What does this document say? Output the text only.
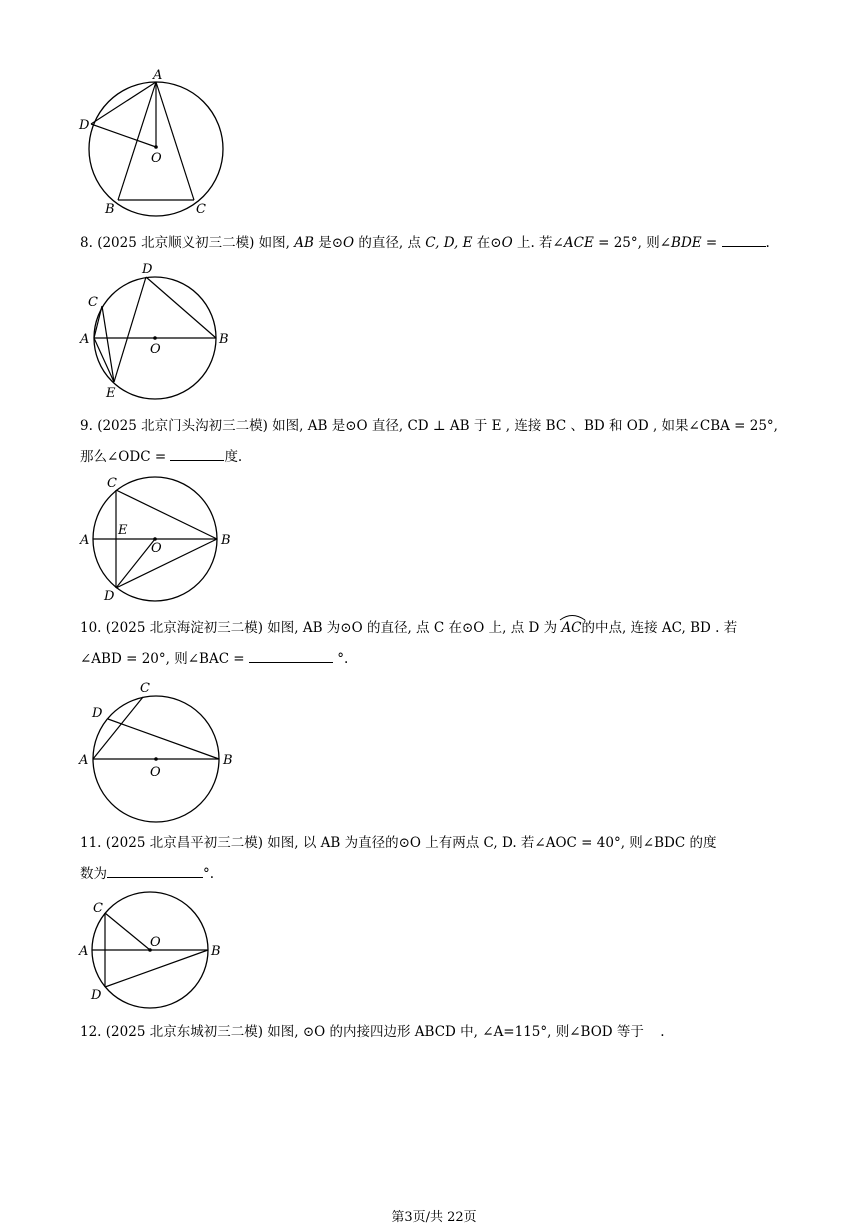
A
D
O
B	C
8. (2025 北京顺义初三二模) 如图, AB 是⊙O 的直径, 点 C, D, E 在⊙O 上. 若∠ACE = 25°, 则∠BDE =	.
D
C
A
O
B
E
9. (2025 北京门头沟初三二模) 如图, AB 是⊙O 直径, CD ⊥ AB 于 E , 连接 BC 、BD 和 OD , 如果∠CBA = 25°,
那么∠ODC =	度.
C
A
E
O
B
D
10. (2025 北京海淀初三二模) 如图, AB 为⊙O 的直径, 点 C 在⊙O 上, 点 D 为 AC的中点, 连接 AC, BD . 若
∠ABD = 20°, 则∠BAC =	°.
C
D
A
O
B
11. (2025 北京昌平初三二模) 如图, 以 AB 为直径的⊙O 上有两点 C, D. 若∠AOC = 40°, 则∠BDC 的度
数为	°.
C
O
A	B
D
12. (2025 北京东城初三二模) 如图, ⊙O 的内接四边形 ABCD 中, ∠A=115°, 则∠BOD 等于 .
第3页/共 22页
